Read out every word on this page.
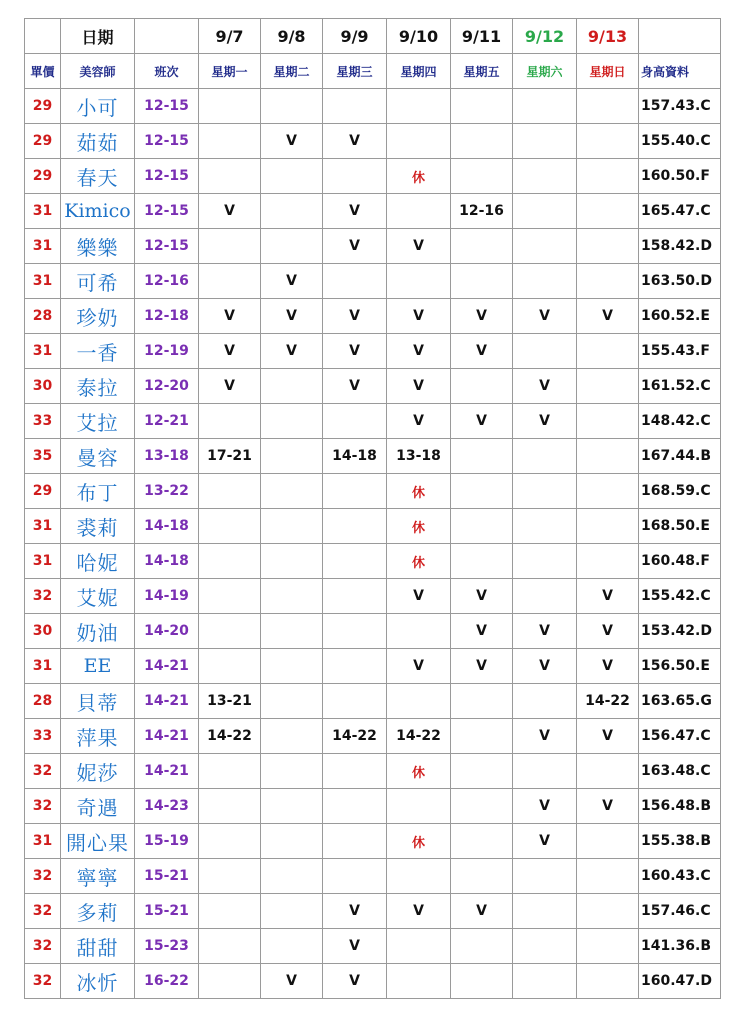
	日期		9/7	9/8	9/9	9/10	9/11	9/12	9/13	
單價	美容師	班次	星期一	星期二	星期三	星期四	星期五	星期六	星期日	身高資料
29	小可	12-15								157.43.C
29	茹茹	12-15		V	V					155.40.C
29	春天	12-15				休				160.50.F
31	Kimico	12-15	V		V		12-16			165.47.C
31	樂樂	12-15			V	V				158.42.D
31	可希	12-16		V						163.50.D
28	珍奶	12-18	V	V	V	V	V	V	V	160.52.E
31	一香	12-19	V	V	V	V	V			155.43.F
30	泰拉	12-20	V		V	V		V		161.52.C
33	艾拉	12-21				V	V	V		148.42.C
35	曼容	13-18	17-21		14-18	13-18				167.44.B
29	布丁	13-22				休				168.59.C
31	裘莉	14-18				休				168.50.E
31	哈妮	14-18				休				160.48.F
32	艾妮	14-19				V	V		V	155.42.C
30	奶油	14-20					V	V	V	153.42.D
31	EE	14-21				V	V	V	V	156.50.E
28	貝蒂	14-21	13-21						14-22	163.65.G
33	萍果	14-21	14-22		14-22	14-22		V	V	156.47.C
32	妮莎	14-21				休				163.48.C
32	奇遇	14-23						V	V	156.48.B
31	開心果	15-19				休		V		155.38.B
32	寧寧	15-21								160.43.C
32	多莉	15-21			V	V	V			157.46.C
32	甜甜	15-23			V					141.36.B
32	冰忻	16-22		V	V					160.47.D
